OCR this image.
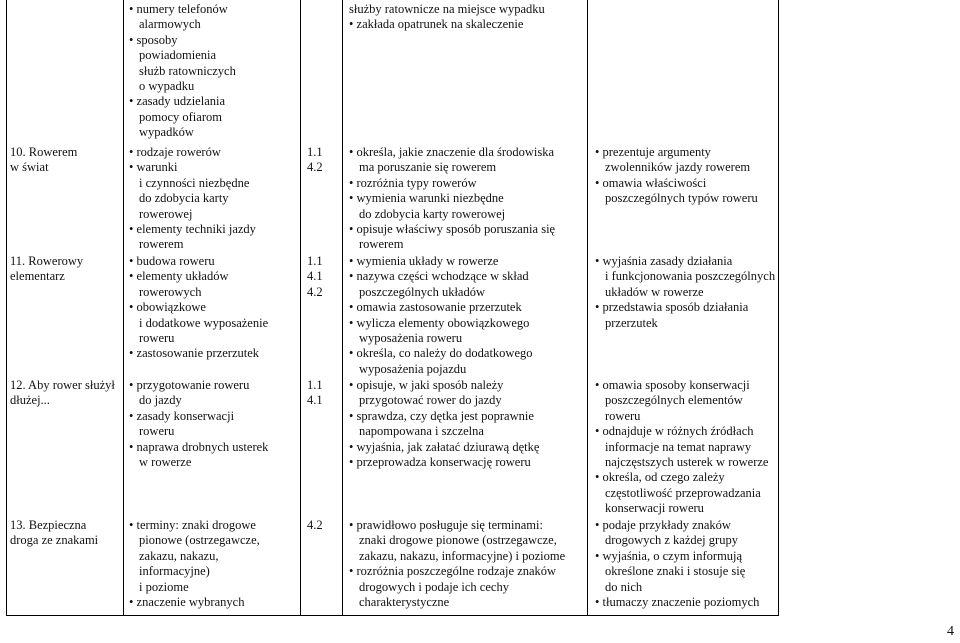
4
• numery telefonów
alarmowych
• sposoby
powiadomienia
służb ratowniczych
o wypadku
• zasady udzielania
pomocy ofiarom
wypadków
służby ratownicze na miejsce wypadku
• zakłada opatrunek na skaleczenie
10. Rowerem
w świat
• rodzaje rowerów
• warunki
i czynności niezbędne
do zdobycia karty
rowerowej
• elementy techniki jazdy
rowerem
1.1
4.2
• określa, jakie znaczenie dla środowiska
ma poruszanie się rowerem
• rozróżnia typy rowerów
• wymienia warunki niezbędne
do zdobycia karty rowerowej
• opisuje właściwy sposób poruszania się
rowerem
• prezentuje argumenty
zwolenników jazdy rowerem
• omawia właściwości
poszczególnych typów roweru
11. Rowerowy
elementarz
• budowa roweru
• elementy układów
rowerowych
• obowiązkowe
i dodatkowe wyposażenie
roweru
• zastosowanie przerzutek
1.1
4.1
4.2
• wymienia układy w rowerze
• nazywa części wchodzące w skład
poszczególnych układów
• omawia zastosowanie przerzutek
• wylicza elementy obowiązkowego
wyposażenia roweru
• określa, co należy do dodatkowego
wyposażenia pojazdu
• wyjaśnia zasady działania
i funkcjonowania poszczególnych
układów w rowerze
• przedstawia sposób działania
przerzutek
12. Aby rower służył
dłużej...
• przygotowanie roweru
do jazdy
• zasady konserwacji
roweru
• naprawa drobnych usterek
w rowerze
1.1
4.1
• opisuje, w jaki sposób należy
przygotować rower do jazdy
• sprawdza, czy dętka jest poprawnie
napompowana i szczelna
• wyjaśnia, jak załatać dziurawą dętkę
• przeprowadza konserwację roweru
• omawia sposoby konserwacji
poszczególnych elementów
roweru
• odnajduje w różnych źródłach
informacje na temat naprawy
najczęstszych usterek w rowerze
• określa, od czego zależy
częstotliwość przeprowadzania
konserwacji roweru
13. Bezpieczna
droga ze znakami
• terminy: znaki drogowe
pionowe (ostrzegawcze,
zakazu, nakazu,
informacyjne)
i poziome
• znaczenie wybranych
4.2
•	prawidłowo posługuje się terminami:
znaki drogowe pionowe (ostrzegawcze,
zakazu, nakazu, informacyjne) i poziome
• rozróżnia poszczególne rodzaje znaków
drogowych i podaje ich cechy
charakterystyczne
• podaje przykłady znaków
drogowych z każdej grupy
• wyjaśnia, o czym informują
określone znaki i stosuje się
do nich
• tłumaczy znaczenie poziomych
